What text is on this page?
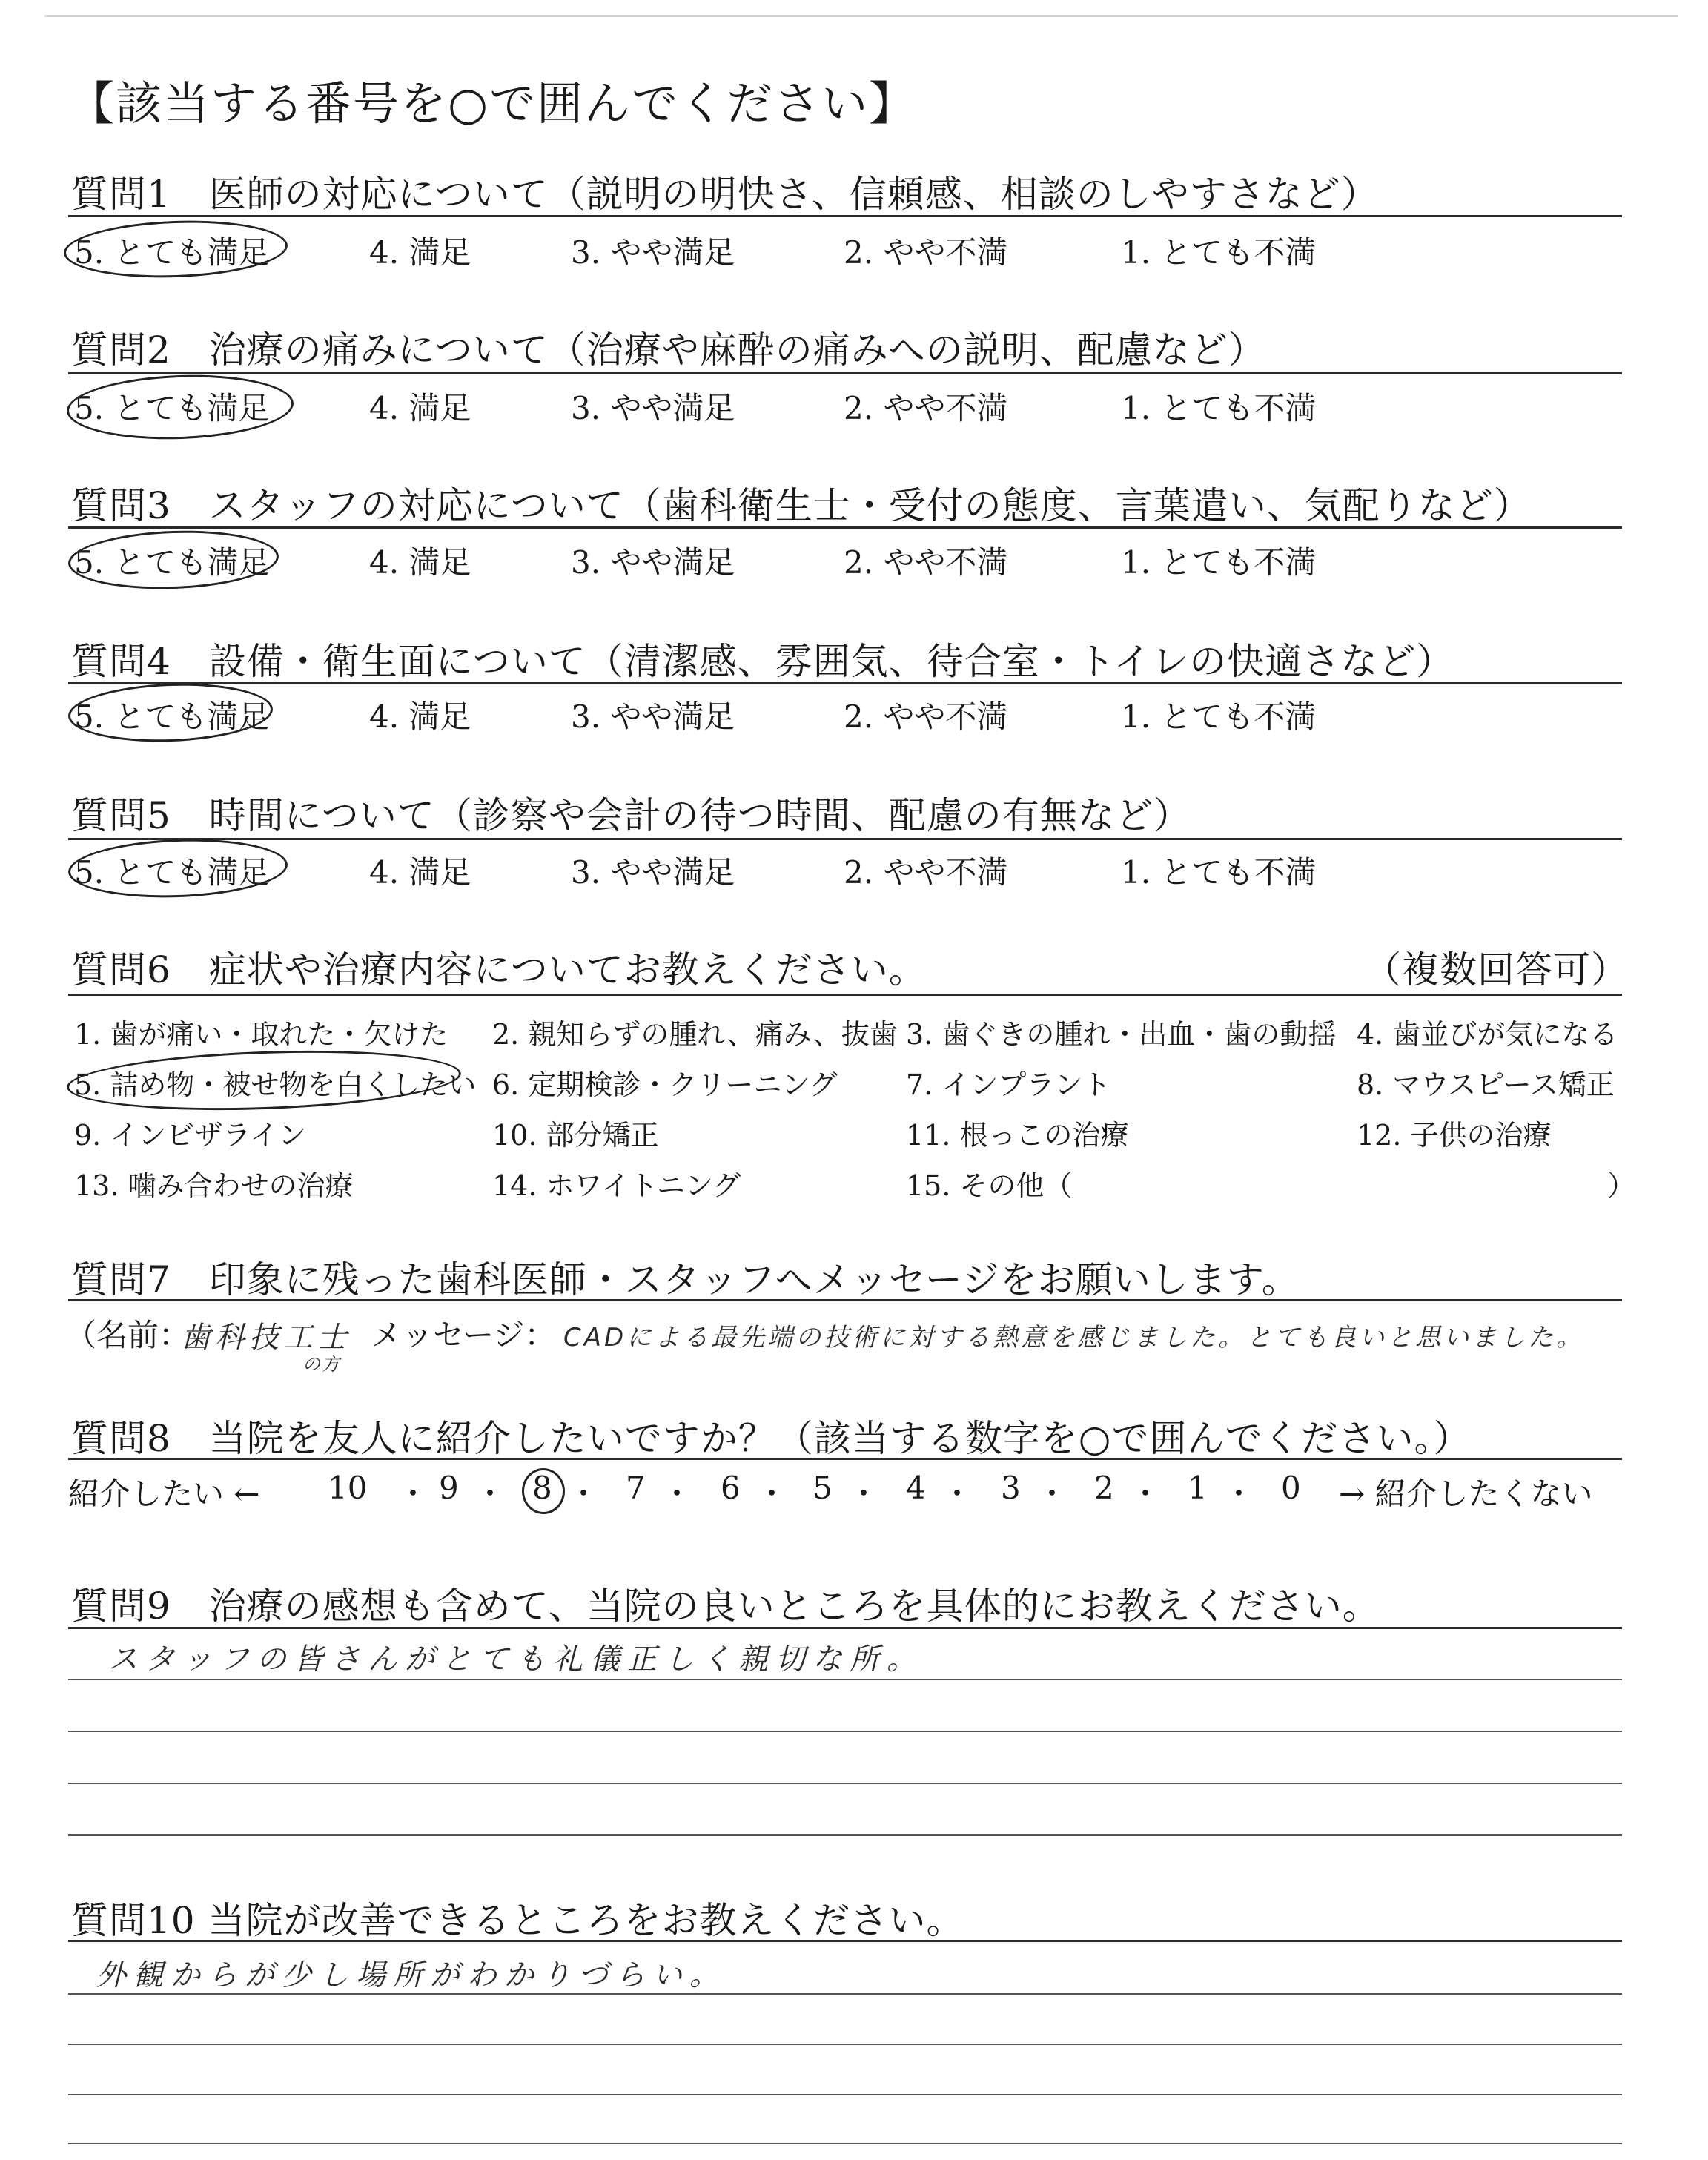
【該当する番号を○で囲んでください】
質問1　医師の対応について（説明の明快さ、信頼感、相談のしやすさなど）
5. とても満足	4. 満足	3. やや満足	2. やや不満	1. とても不満
質問2　治療の痛みについて（治療や麻酔の痛みへの説明、配慮など）
5. とても満足	4. 満足	3. やや満足	2. やや不満	1. とても不満
質問3　スタッフの対応について（歯科衛生士・受付の態度、言葉遣い、気配りなど）
5. とても満足	4. 満足	3. やや満足	2. やや不満	1. とても不満
質問4　設備・衛生面について（清潔感、雰囲気、待合室・トイレの快適さなど）
5. とても満足	4. 満足	3. やや満足	2. やや不満	1. とても不満
質問5　時間について（診察や会計の待つ時間、配慮の有無など）
5. とても満足	4. 満足	3. やや満足	2. やや不満	1. とても不満
質問6　症状や治療内容についてお教えください。	（複数回答可）
1. 歯が痛い・取れた・欠けた 2. 親知らずの腫れ、痛み、抜歯 3. 歯ぐきの腫れ・出血・歯の動揺 4. 歯並びが気になる
5. 詰め物・被せ物を白くしたい 6. 定期検診・クリーニング 7. インプラント	8. マウスピース矯正
9. インビザライン	10. 部分矯正	11. 根っこの治療	12. 子供の治療
13. 噛み合わせの治療	14. ホワイトニング	15. その他（	）
質問7　印象に残った歯科医師・スタッフへメッセージをお願いします。
（名前：
歯科技工士
の方
メッセージ： CADによる最先端の技術に対する熱意を感じました。とても良いと思いました。
質問8　当院を友人に紹介したいですか？（該当する数字を○で囲んでください。）
紹介したい ← 10 ・ 9 ・ 8 ・ 7 ・ 6 ・ 5 ・ 4 ・ 3 ・ 2 ・ 1 ・ 0 → 紹介したくない
質問9　治療の感想も含めて、当院の良いところを具体的にお教えください。
スタッフの皆さんがとても礼儀正しく親切な所。
質問10 当院が改善できるところをお教えください。
外観からが少し場所がわかりづらい。
